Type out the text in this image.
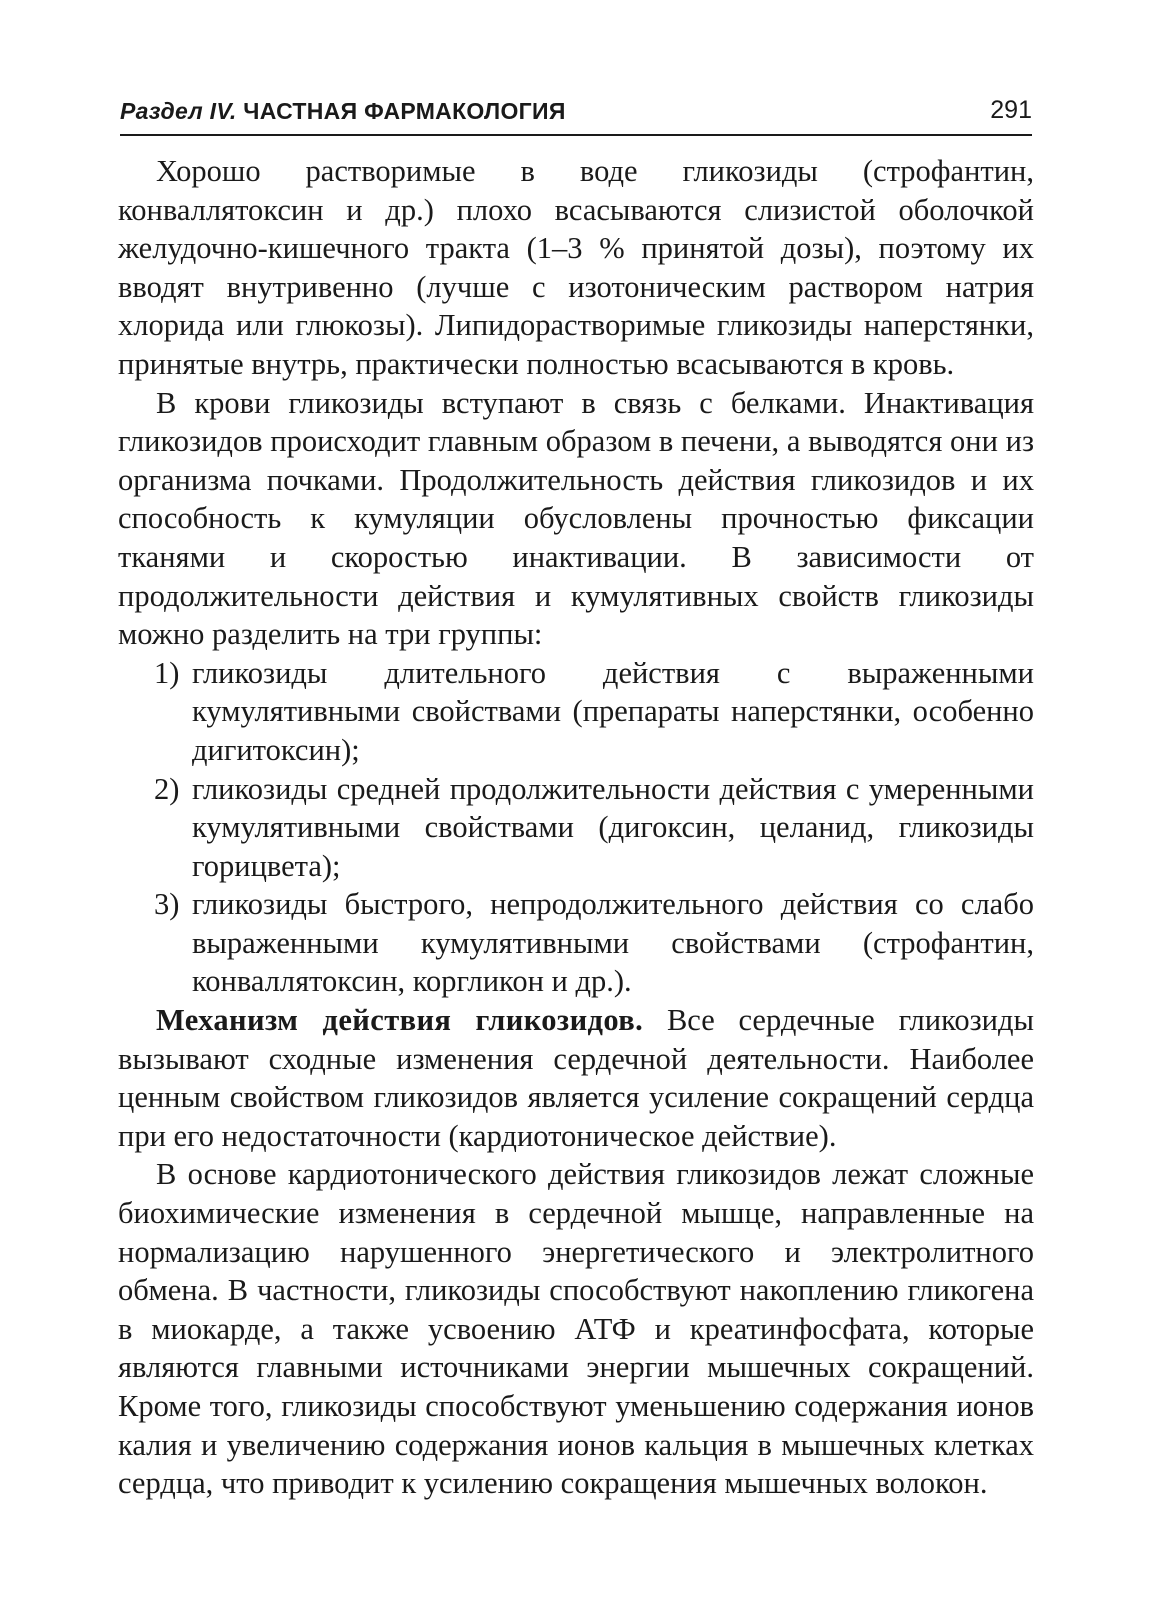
Раздел IV. ЧАСТНАЯ ФАРМАКОЛОГИЯ	291

Хорошо растворимые в воде гликозиды (строфантин, конваллятоксин и др.) плохо всасываются слизистой оболочкой желудочно-кишечного тракта (1–3 % принятой дозы), поэтому их вводят внутривенно (лучше с изотоническим раствором натрия хлорида или глюкозы). Липидорастворимые гликозиды наперстянки, принятые внутрь, практически полностью всасываются в кровь.

В крови гликозиды вступают в связь с белками. Инактивация гликозидов происходит главным образом в печени, а выводятся они из организма почками. Продолжительность действия гликозидов и их способность к кумуляции обусловлены прочностью фиксации тканями и скоростью инактивации. В зависимости от продолжительности действия и кумулятивных свойств гликозиды можно разделить на три группы:

1) гликозиды длительного действия с выраженными кумулятивными свойствами (препараты наперстянки, особенно дигитоксин);
2) гликозиды средней продолжительности действия с умеренными кумулятивными свойствами (дигоксин, целанид, гликозиды горицвета);
3) гликозиды быстрого, непродолжительного действия со слабо выраженными кумулятивными свойствами (строфантин, конваллятоксин, коргликон и др.).

Механизм действия гликозидов. Все сердечные гликозиды вызывают сходные изменения сердечной деятельности. Наиболее ценным свойством гликозидов является усиление сокращений сердца при его недостаточности (кардиотоническое действие).

В основе кардиотонического действия гликозидов лежат сложные биохимические изменения в сердечной мышце, направленные на нормализацию нарушенного энергетического и электролитного обмена. В частности, гликозиды способствуют накоплению гликогена в миокарде, а также усвоению АТФ и креатинфосфата, которые являются главными источниками энергии мышечных сокращений. Кроме того, гликозиды способствуют уменьшению содержания ионов калия и увеличению содержания ионов кальция в мышечных клетках сердца, что приводит к усилению сокращения мышечных волокон.
